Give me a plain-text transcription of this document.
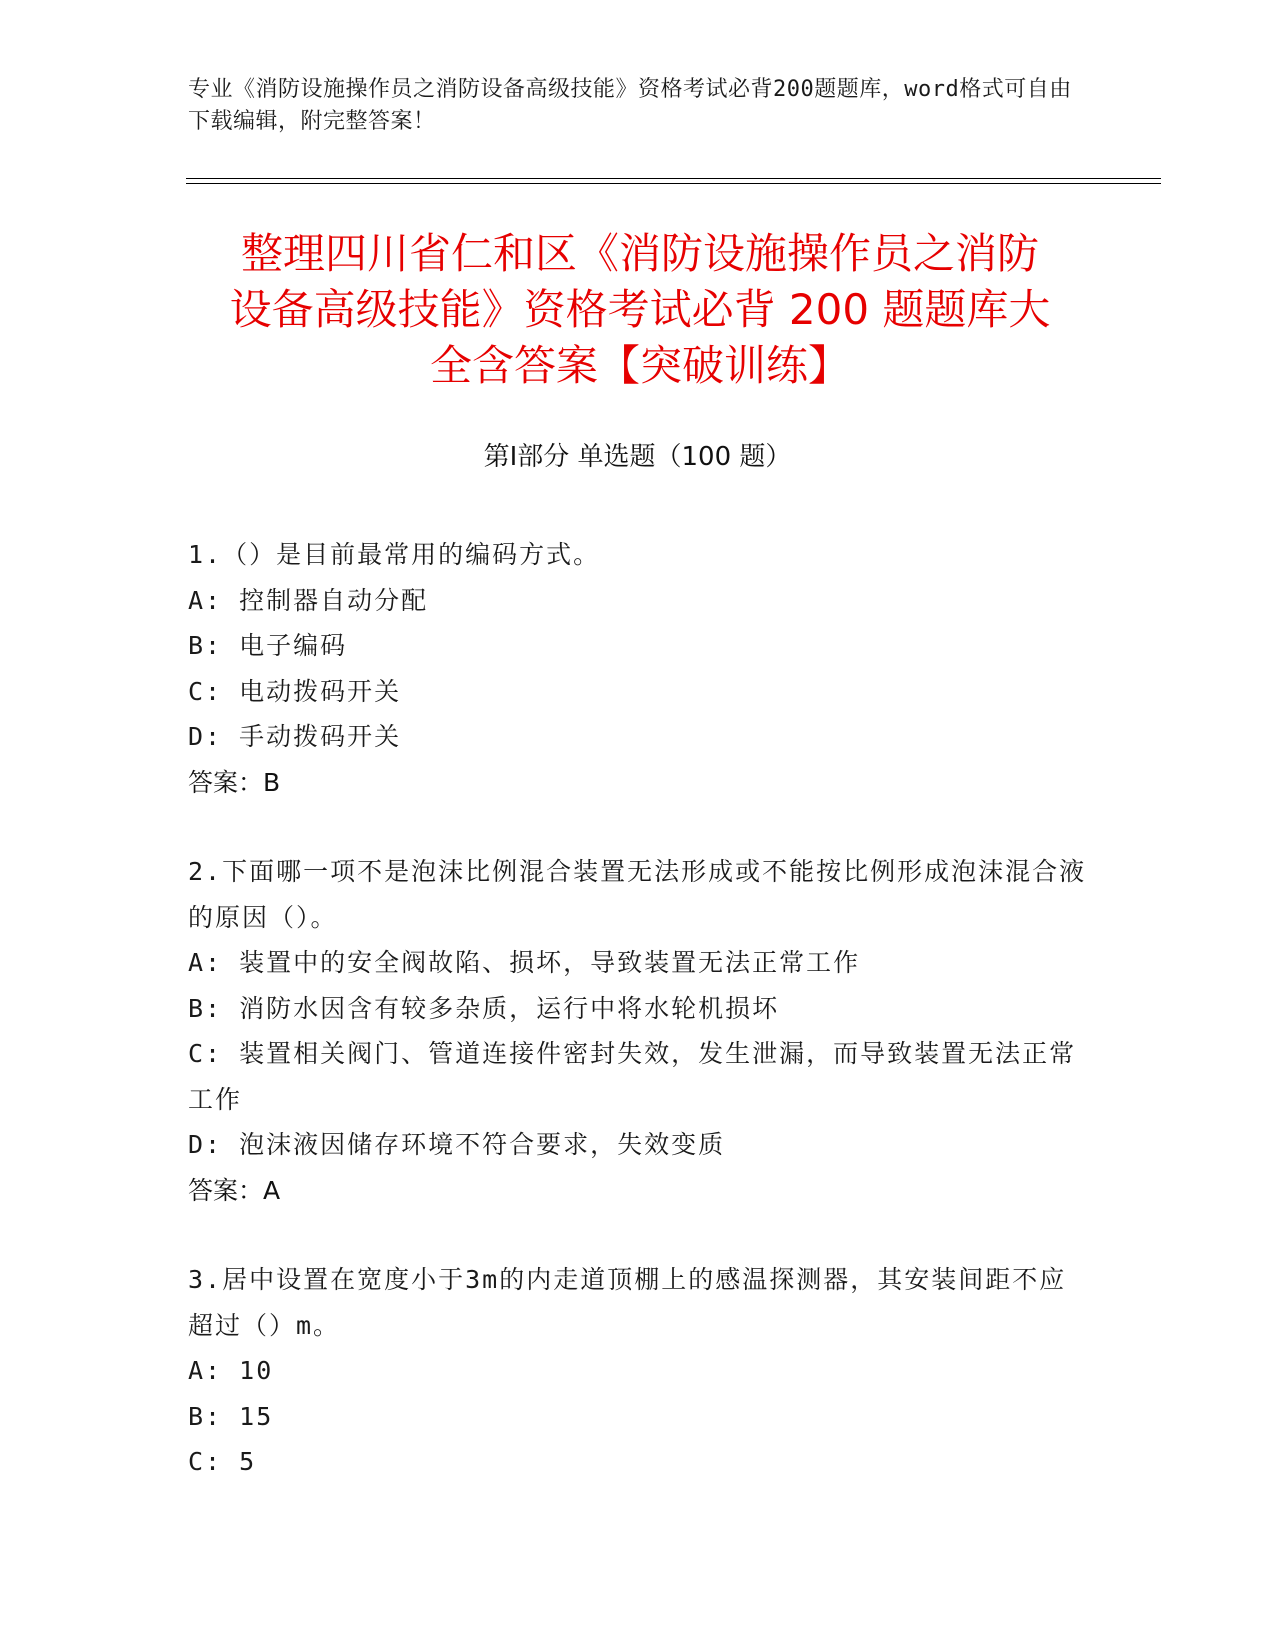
专业《消防设施操作员之消防设备高级技能》资格考试必背200题题库，word格式可自由下载编辑，附完整答案！
整理四川省仁和区《消防设施操作员之消防
设备高级技能》资格考试必背 200 题题库大
全含答案【突破训练】
第Ⅰ部分 单选题（100 题）
1.（）是目前最常用的编码方式。
A: 控制器自动分配
B: 电子编码
C: 电动拨码开关
D: 手动拨码开关
答案：B
2.下面哪一项不是泡沫比例混合装置无法形成或不能按比例形成泡沫混合液的原因（）。
A: 装置中的安全阀故陷、损坏，导致装置无法正常工作
B: 消防水因含有较多杂质，运行中将水轮机损坏
C: 装置相关阀门、管道连接件密封失效，发生泄漏，而导致装置无法正常工作
D: 泡沫液因储存环境不符合要求，失效变质
答案：A
3.居中设置在宽度小于3m的内走道顶棚上的感温探测器，其安装间距不应超过（）m。
A: 10
B: 15
C: 5
